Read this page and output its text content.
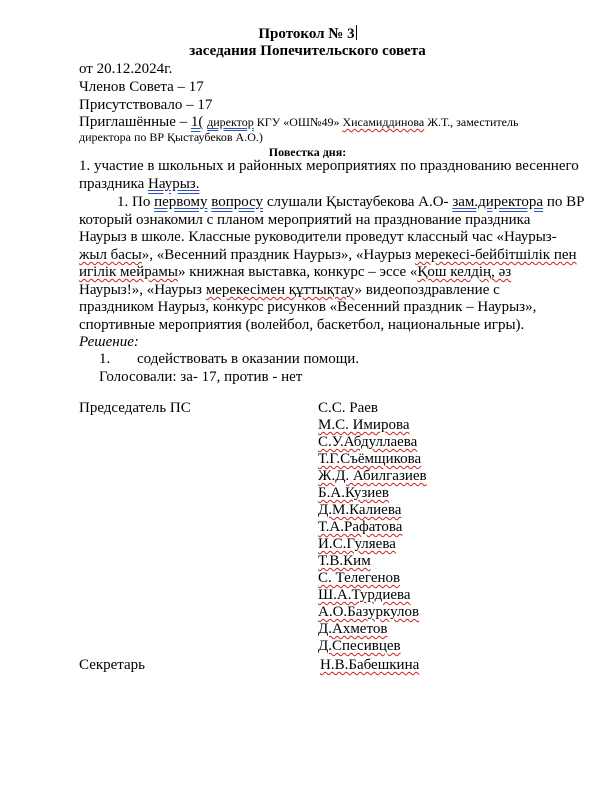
Протокол № 3
заседания Попечительского совета
от 20.12.2024г.
Членов Совета – 17
Присутствовало – 17
Приглашённые – 1( директор КГУ «ОШ№49» Хисамиддинова Ж.Т., заместитель
директора по ВР Қыстаубеков А.О.)
Повестка дня:
1. участие в школьных и районных мероприятиях по празднованию весеннего
праздника Наурыз.
1. По первому вопросу слушали Қыстаубекова А.О- зам.директора по ВР
который ознакомил с планом мероприятий на празднование праздника
Наурыз в школе. Классные руководители проведут классный час «Наурыз-
жыл басы», «Весенний праздник Наурыз», «Наурыз мерекесі-бейбітшілік пен
игілік мейрамы» книжная выставка, конкурс – эссе «Қош келдің, әз
Наурыз!», «Наурыз мерекесімен құттықтау» видеопоздравление с
праздником Наурыз, конкурс рисунков «Весенний праздник – Наурыз»,
спортивные мероприятия (волейбол, баскетбол, национальные игры).
Решение:
1. содействовать в оказании помощи.
Голосовали: за- 17, против - нет
Председатель ПС	С.С. Раев
М.С. Имирова
С.У.Абдуллаева
Т.Г.Съёмщикова
Ж.Д. Абилгазиев
Б.А.Кузиев
Д.М.Калиева
Т.А.Рафатова
И.С.Гуляева
Т.В.Ким
С. Телегенов
Ш.А.Турдиева
А.О.Базуркулов
Д.Ахметов
Д.Спесивцев
Секретарь	Н.В.Бабешкина
